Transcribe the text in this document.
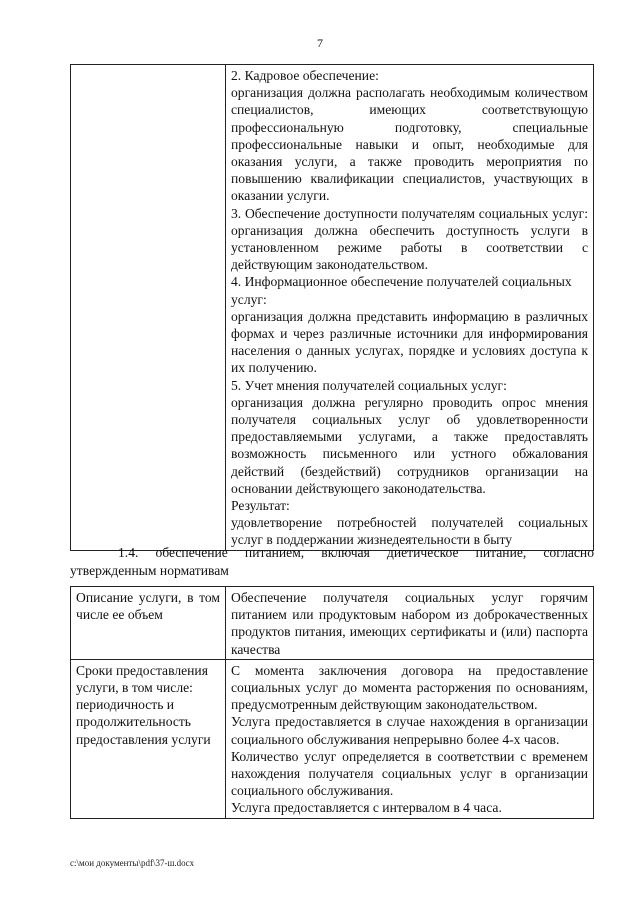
7

2. Кадровое обеспечение:
организация должна располагать необходимым количеством специалистов, имеющих соответствующую профессиональную подготовку, специальные профессиональные навыки и опыт, необходимые для оказания услуги, а также проводить мероприятия по повышению квалификации специалистов, участвующих в оказании услуги.
3. Обеспечение доступности получателям социальных услуг: организация должна обеспечить доступность услуги в установленном режиме работы в соответствии с действующим законодательством.
4. Информационное обеспечение получателей социальных услуг:
организация должна представить информацию в различных формах и через различные источники для информирования населения о данных услугах, порядке и условиях доступа к их получению.
5. Учет мнения получателей социальных услуг:
организация должна регулярно проводить опрос мнения получателя социальных услуг об удовлетворенности предоставляемыми услугами, а также предоставлять возможность письменного или устного обжалования действий (бездействий) сотрудников организации на основании действующего законодательства.
Результат:
удовлетворение потребностей получателей социальных услуг в поддержании жизнедеятельности в быту
1.4. обеспечение питанием, включая диетическое питание, согласно
утвержденным нормативам
Описание услуги, в том числе ее объем	Обеспечение получателя социальных услуг горячим питанием или продуктовым набором из доброкачественных продуктов питания, имеющих сертификаты и (или) паспорта качества
Сроки предоставления услуги, в том числе: периодичность и продолжительность предоставления услуги	С момента заключения договора на предоставление социальных услуг до момента расторжения по основаниям, предусмотренным действующим законодательством.
Услуга предоставляется в случае нахождения в организации социального обслуживания непрерывно более 4-х часов.
Количество услуг определяется в соответствии с временем нахождения получателя социальных услуг в организации социального обслуживания.
Услуга предоставляется с интервалом в 4 часа.
c:\мои документы\pdf\37-ш.docx
